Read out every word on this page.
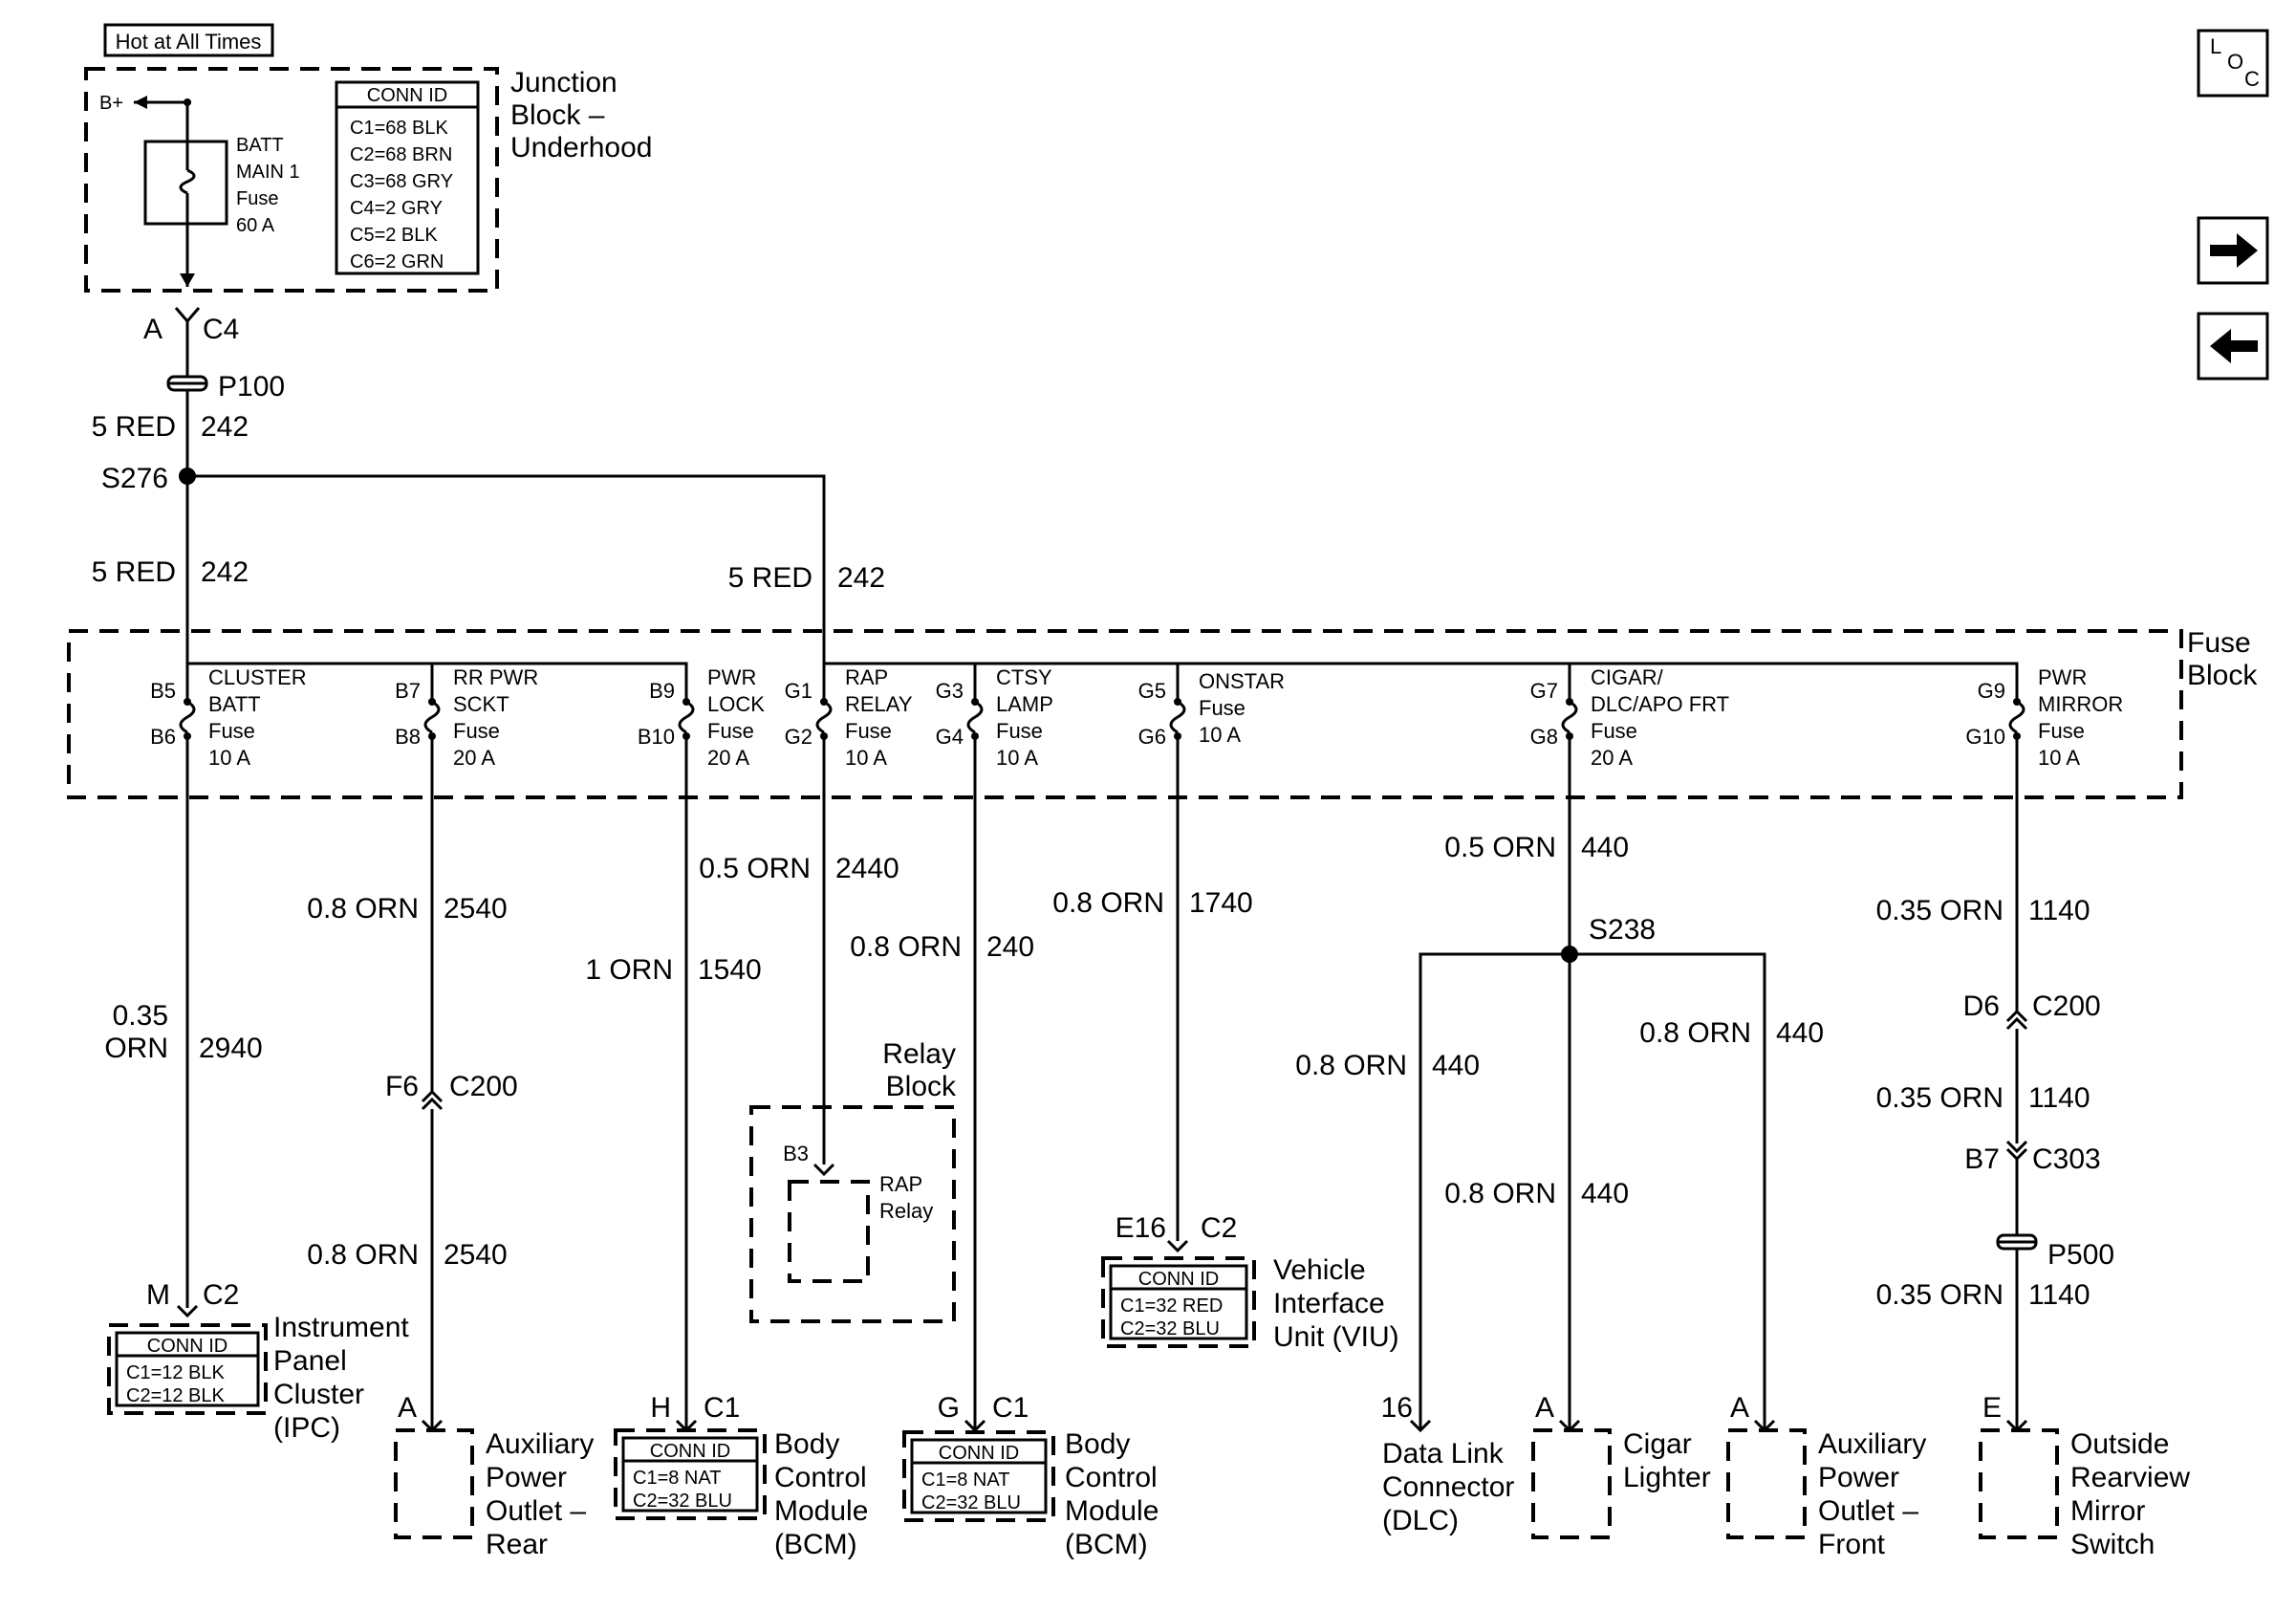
Hot at All Times
Junction
Block –
Underhood
B+
BATT
MAIN 1
Fuse
60 A
CONN ID
C1=68 BLK
C2=68 BRN
C3=68 GRY
C4=2 GRY
C5=2 BLK
C6=2 GRN
A C4
P100
5 RED 242
S276
5 RED 242	5 RED 242
Fuse
Block
B5
B6
CLUSTER
BATT
Fuse
10 A
B7
B8
RR PWR
SCKT
Fuse
20 A
B9
B10
PWR
LOCK
Fuse
20 A
G1
G2
RAP
RELAY
Fuse
10 A
G3
G4
CTSY
LAMP
Fuse
10 A
G5
G6
ONSTAR
Fuse
10 A
G7
G8
CIGAR/
DLC/APO FRT
Fuse
20 A
G9
G10
PWR
MIRROR
Fuse
10 A
0.35 ORN 2940
0.8 ORN 2540
0.8 ORN 2540
1 ORN 1540
0.5 ORN 2440
0.8 ORN 240
0.8 ORN 1740
0.5 ORN 440
0.8 ORN 440
0.8 ORN 440
0.8 ORN 440
0.35 ORN 1140
0.35 ORN 1140
0.35 ORN 1140
S238
F6 C200
D6 C200
B7 C303
P500
Relay
Block
B3
RAP
Relay
M C2
CONN ID
C1=12 BLK
C2=12 BLK
Instrument
Panel
Cluster
(IPC)
A
Auxiliary
Power
Outlet –
Rear
H C1
CONN ID
C1=8 NAT
C2=32 BLU
Body
Control
Module
(BCM)
G C1
CONN ID
C1=8 NAT
C2=32 BLU
Body
Control
Module
(BCM)
E16 C2
CONN ID
C1=32 RED
C2=32 BLU
Vehicle
Interface
Unit (VIU)
16
Data Link
Connector
(DLC)
A
Cigar
Lighter
A
Auxiliary
Power
Outlet –
Front
E
Outside
Rearview
Mirror
Switch
L
O
C
